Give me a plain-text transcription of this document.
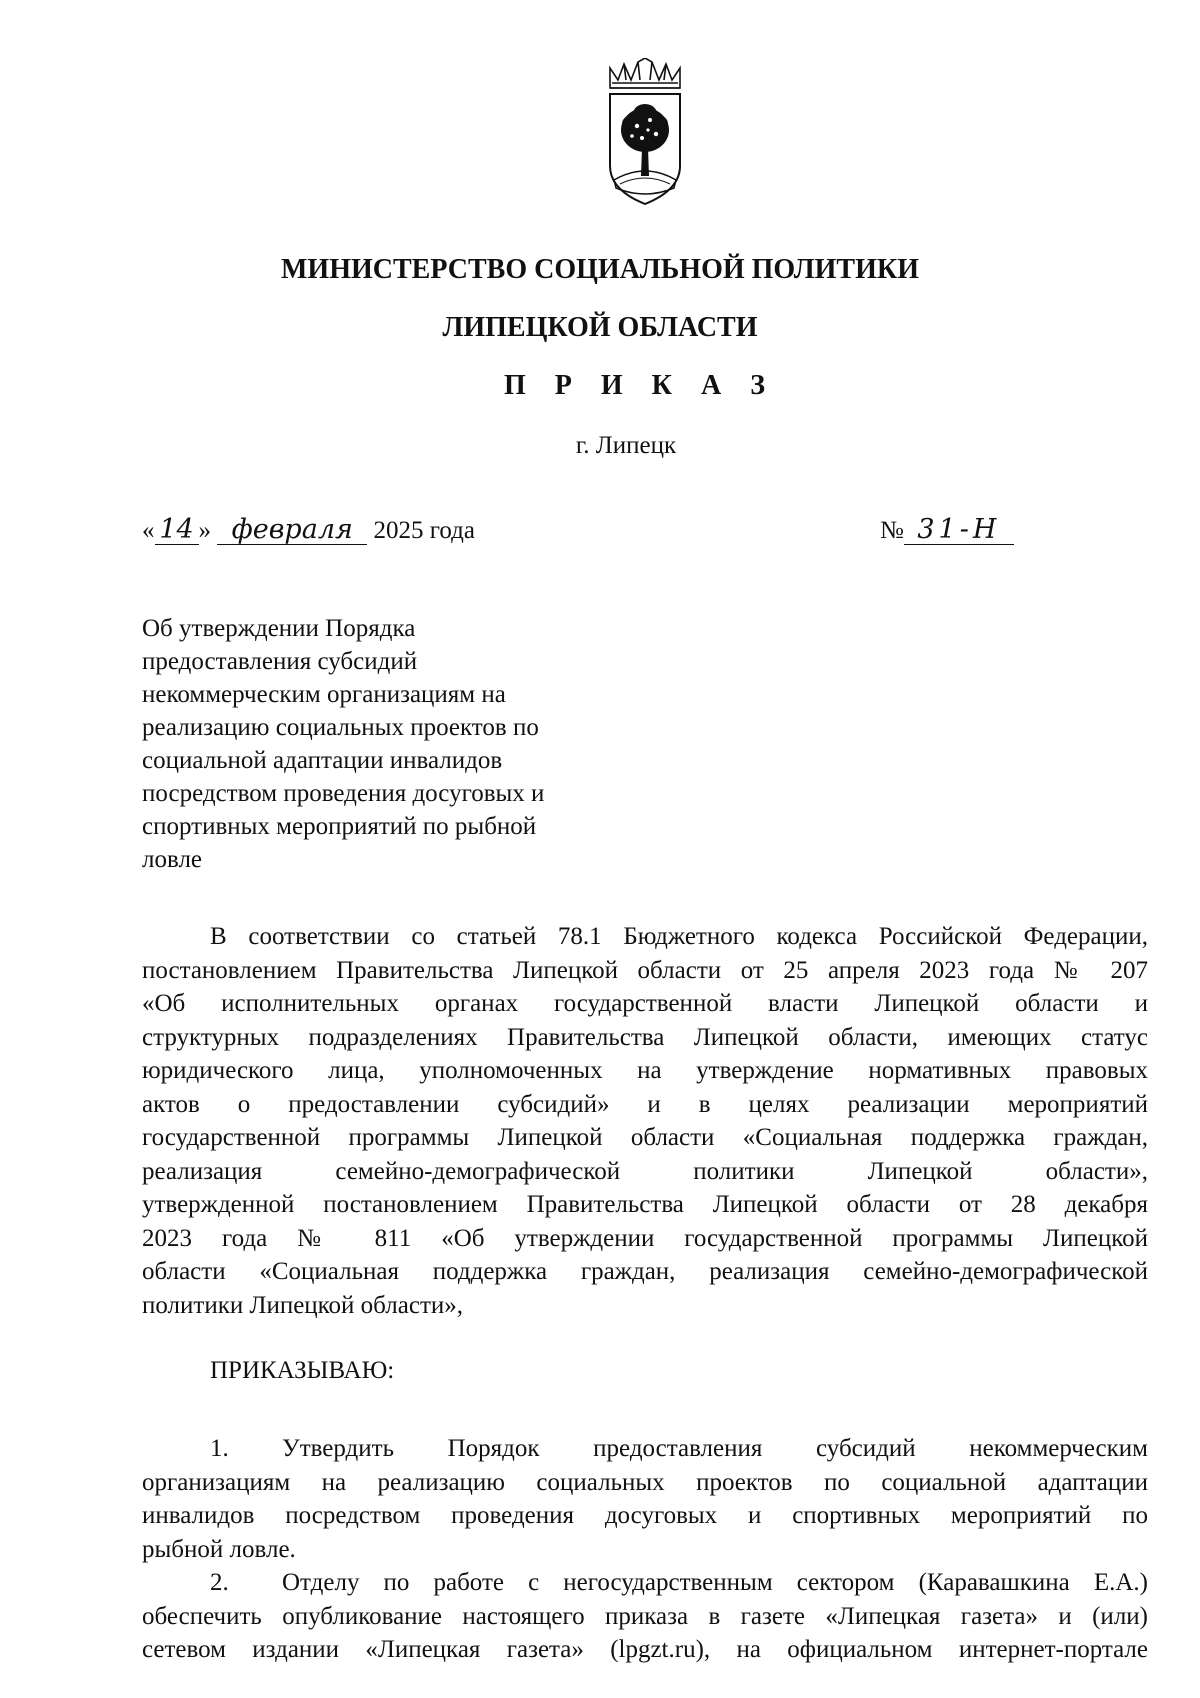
МИНИСТЕРСТВО СОЦИАЛЬНОЙ ПОЛИТИКИ
ЛИПЕЦКОЙ ОБЛАСТИ
П Р И К А З
г. Липецк
« 14 » февраля 2025 года	№ 31-Н
Об утверждении Порядка
предоставления субсидий
некоммерческим организациям на
реализацию социальных проектов по
социальной адаптации инвалидов
посредством проведения досуговых и
спортивных мероприятий по рыбной
ловле
В соответствии со статьей 78.1 Бюджетного кодекса Российской Федерации,
постановлением Правительства Липецкой области от 25 апреля 2023 года № 207
«Об исполнительных органах государственной власти Липецкой области и
структурных подразделениях Правительства Липецкой области, имеющих статус
юридического лица, уполномоченных на утверждение нормативных правовых
актов о предоставлении субсидий» и в целях реализации мероприятий
государственной программы Липецкой области «Социальная поддержка граждан,
реализация семейно-демографической политики Липецкой области»,
утвержденной постановлением Правительства Липецкой области от 28 декабря
2023 года № 811 «Об утверждении государственной программы Липецкой
области «Социальная поддержка граждан, реализация семейно-демографической
политики Липецкой области»,
ПРИКАЗЫВАЮ:
1. Утвердить Порядок предоставления субсидий некоммерческим
организациям на реализацию социальных проектов по социальной адаптации
инвалидов посредством проведения досуговых и спортивных мероприятий по
рыбной ловле.
2. Отделу по работе с негосударственным сектором (Каравашкина Е.А.)
обеспечить опубликование настоящего приказа в газете «Липецкая газета» и (или)
сетевом издании «Липецкая газета» (lpgzt.ru), на официальном интернет-портале
